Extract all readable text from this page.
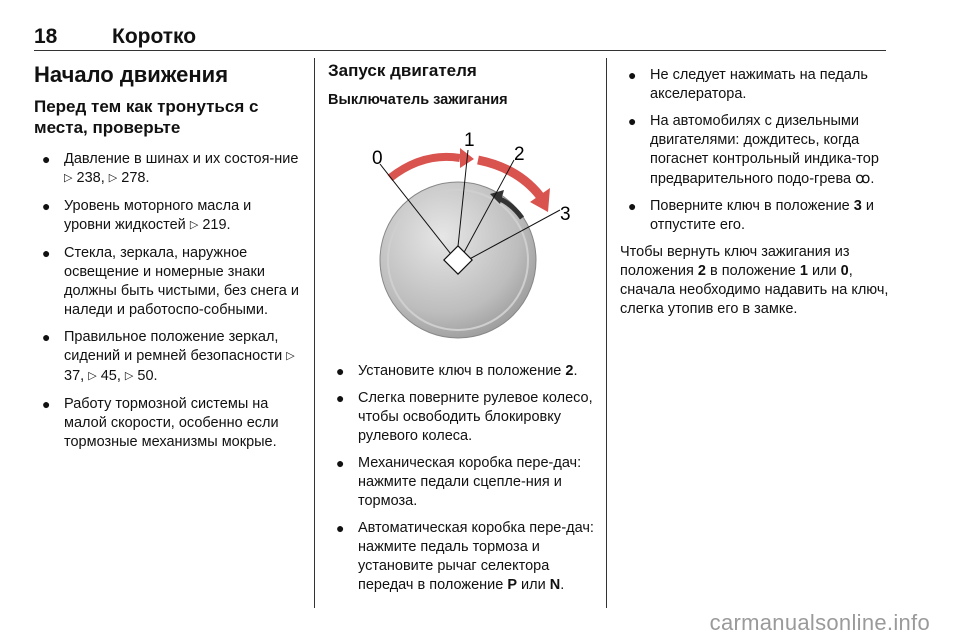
18	Коротко
Начало движения
Перед тем как тронуться с
места, проверьте
● Давление в шинах и их состоя-ние ▷ 238, ▷ 278.
● Уровень моторного масла и уровни жидкостей ▷ 219.
● Стекла, зеркала, наружное освещение и номерные знаки должны быть чистыми, без снега и наледи и работоспо-собными.
● Правильное положение зеркал, сидений и ремней безопасности ▷ 37, ▷ 45, ▷ 50.
● Работу тормозной системы на малой скорости, особенно если тормозные механизмы мокрые.
Запуск двигателя
Выключатель зажигания
0
1
2
3
● Установите ключ в положение 2.
● Слегка поверните рулевое колесо, чтобы освободить блокировку рулевого колеса.
● Механическая коробка пере-дач: нажмите педали сцепле-ния и тормоза.
● Автоматическая коробка пере-дач: нажмите педаль тормоза и установите рычаг селектора передач в положение P или N.
● Не следует нажимать на педаль акселератора.
● На автомобилях с дизельными двигателями: дождитесь, когда погаснет контрольный индика-тор предварительного подо-грева ꝏ.
● Поверните ключ в положение 3 и отпустите его.

Чтобы вернуть ключ зажигания из положения 2 в положение 1 или 0, сначала необходимо надавить на ключ, слегка утопив его в замке.

carmanualsonline.info
